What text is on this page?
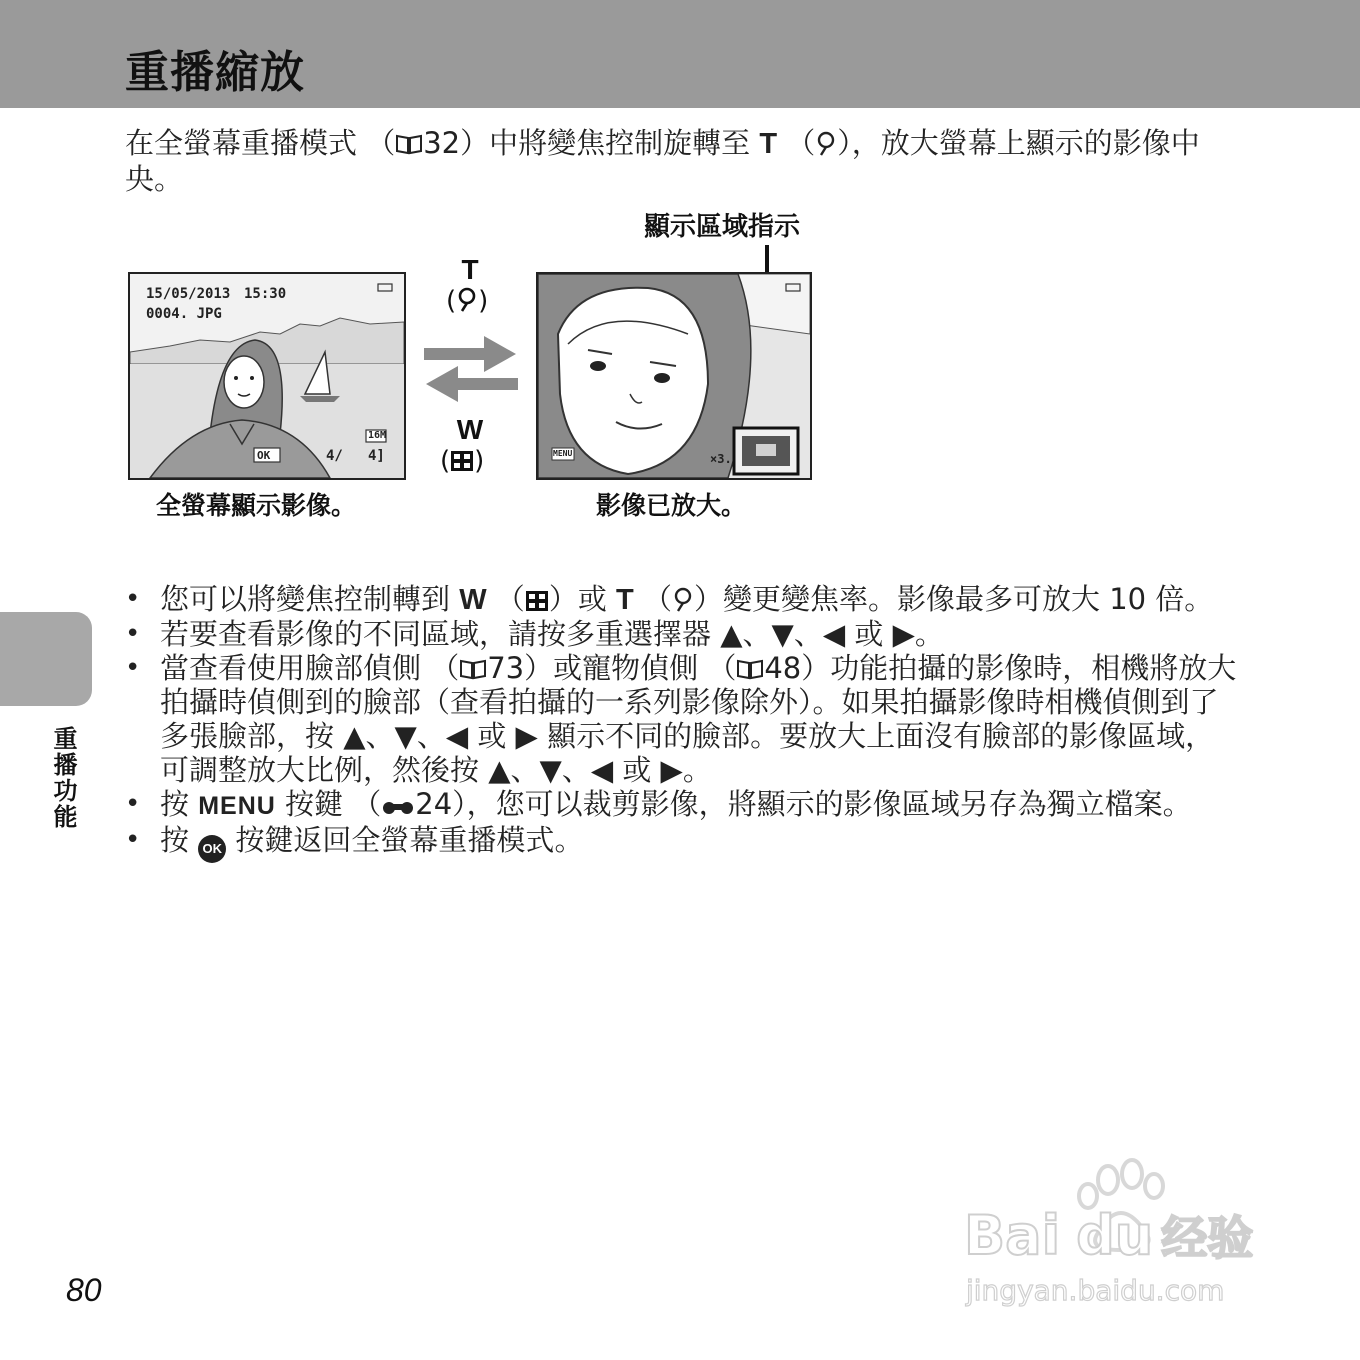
重播縮放
在全螢幕重播模式 （ 32）中將變焦控制旋轉至 T （ ），放大螢幕上顯示的影像中央。
顯示區域指示
15/05/2013 15:30
0004. JPG
16M
OK	4/ 4]
T
( )
W
( )	MENU	×3.
全螢幕顯示影像。	影像已放大。
• 您可以將變焦控制轉到 W （ ）或 T （ ）變更變焦率。影像最多可放大 10 倍。
• 若要查看影像的不同區域，請按多重選擇器 ▲、▼、◀ 或 ▶。
• 當查看使用臉部偵側 （ 73）或寵物偵側 （ 48）功能拍攝的影像時，相機將放大拍攝時偵側到的臉部（查看拍攝的一系列影像除外）。如果拍攝影像時相機偵側到了多張臉部，按 ▲、▼、◀ 或 ▶ 顯示不同的臉部。要放大上面沒有臉部的影像區域，可調整放大比例，然後按 ▲、▼、◀ 或 ▶。
• 按 MENU 按鍵 （ 24），您可以裁剪影像，將顯示的影像區域另存為獨立檔案。
• 按 OK 按鍵返回全螢幕重播模式。
重播功能
80
Bai du 经验
jingyan.baidu.com
